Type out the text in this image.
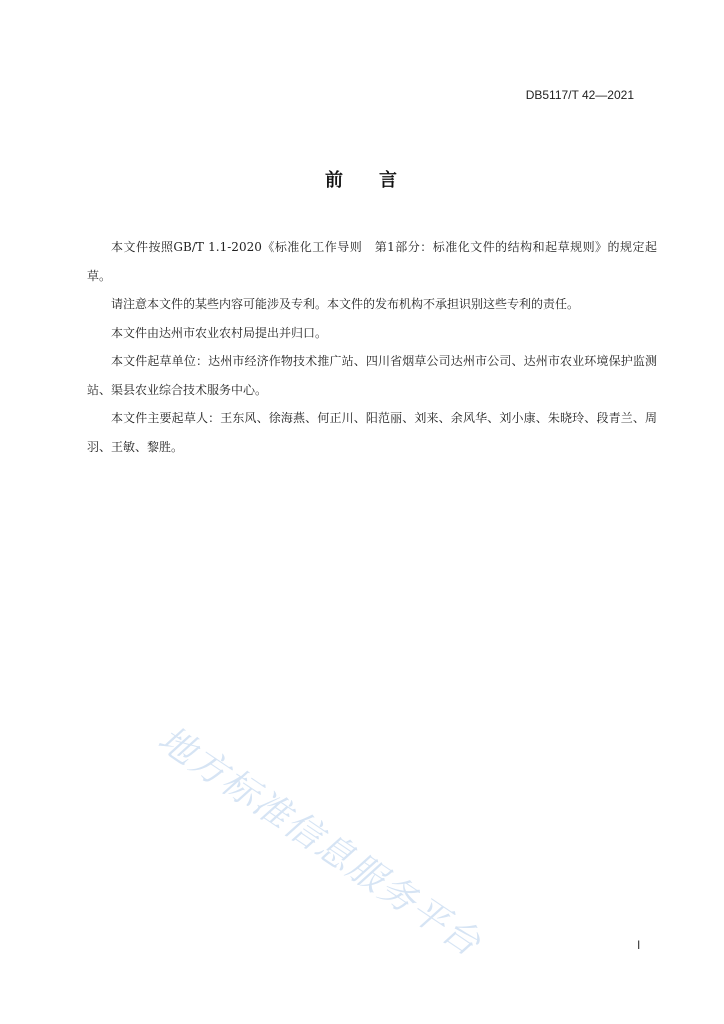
DB5117/T 42—2021
前 言

本文件按照GB/T 1.1-2020《标准化工作导则　第1部分：标准化文件的结构和起草规则》的规定起草。

请注意本文件的某些内容可能涉及专利。本文件的发布机构不承担识别这些专利的责任。

本文件由达州市农业农村局提出并归口。

本文件起草单位：达州市经济作物技术推广站、四川省烟草公司达州市公司、达州市农业环境保护监测站、渠县农业综合技术服务中心。

本文件主要起草人：王东风、徐海燕、何正川、阳范丽、刘来、余风华、刘小康、朱晓玲、段青兰、周羽、王敏、黎胜。

地方标准信息服务平台	I
